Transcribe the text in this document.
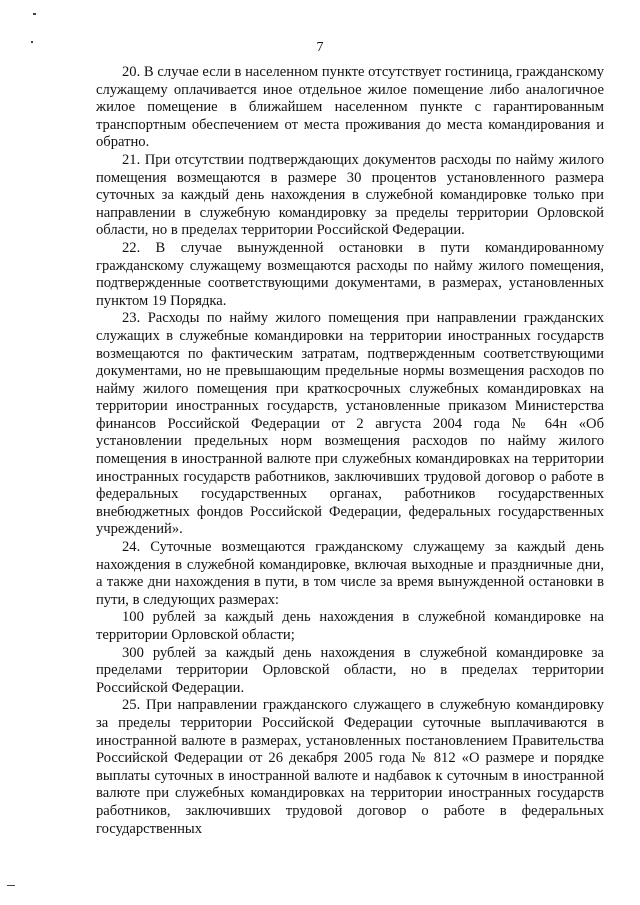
7

20. В случае если в населенном пункте отсутствует гостиница, гражданскому служащему оплачивается иное отдельное жилое помещение либо аналогичное жилое помещение в ближайшем населенном пункте с гарантированным транспортным обеспечением от места проживания до места командирования и обратно.

21. При отсутствии подтверждающих документов расходы по найму жилого помещения возмещаются в размере 30 процентов установленного размера суточных за каждый день нахождения в служебной командировке только при направлении в служебную командировку за пределы территории Орловской области, но в пределах территории Российской Федерации.

22. В случае вынужденной остановки в пути командированному гражданскому служащему возмещаются расходы по найму жилого помещения, подтвержденные соответствующими документами, в размерах, установленных пунктом 19 Порядка.

23. Расходы по найму жилого помещения при направлении гражданских служащих в служебные командировки на территории иностранных государств возмещаются по фактическим затратам, подтвержденным соответствующими документами, но не превышающим предельные нормы возмещения расходов по найму жилого помещения при краткосрочных служебных командировках на территории иностранных государств, установленные приказом Министерства финансов Российской Федерации от 2 августа 2004 года № 64н «Об установлении предельных норм возмещения расходов по найму жилого помещения в иностранной валюте при служебных командировках на территории иностранных государств работников, заключивших трудовой договор о работе в федеральных государственных органах, работников государственных внебюджетных фондов Российской Федерации, федеральных государственных учреждений».

24. Суточные возмещаются гражданскому служащему за каждый день нахождения в служебной командировке, включая выходные и праздничные дни, а также дни нахождения в пути, в том числе за время вынужденной остановки в пути, в следующих размерах:

100 рублей за каждый день нахождения в служебной командировке на территории Орловской области;

300 рублей за каждый день нахождения в служебной командировке за пределами территории Орловской области, но в пределах территории Российской Федерации.

25. При направлении гражданского служащего в служебную командировку за пределы территории Российской Федерации суточные выплачиваются в иностранной валюте в размерах, установленных постановлением Правительства Российской Федерации от 26 декабря 2005 года № 812 «О размере и порядке выплаты суточных в иностранной валюте и надбавок к суточным в иностранной валюте при служебных командировках на территории иностранных государств работников, заключивших трудовой договор о работе в федеральных государственных
